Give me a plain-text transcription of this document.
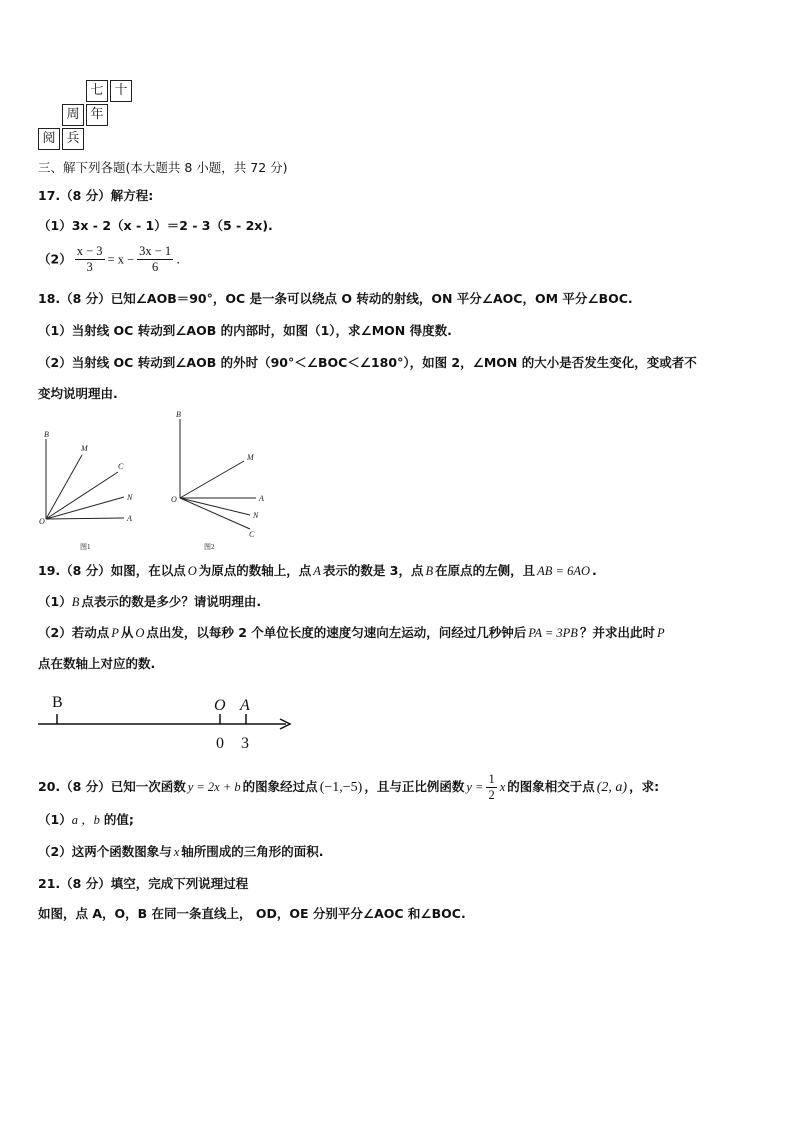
七 十
周 年
阅 兵
三、解下列各题(本大题共 8 小题，共 72 分)
17.（8 分）解方程:
（1）3x - 2（x - 1）＝2 - 3（5 - 2x).
$(2) \frac{x - 3}{3} = x - \frac{3x - 1}{6}$ .
18.（8 分）已知∠AOB＝90°，OC 是一条可以绕点 O 转动的射线，ON 平分∠AOC，OM 平分∠BOC.
（1）当射线 OC 转动到∠AOB 的内部时，如图（1），求∠MON 得度数.
（2）当射线 OC 转动到∠AOB 的外时（90°＜∠BOC＜∠180°），如图 2，∠MON 的大小是否发生变化，变或者不
变均说明理由.
B
M
C
N
O	A
图1
B
M
O	A
N
C
图2
19.（8 分）如图，在以点 O 为原点的数轴上，点 A 表示的数是 3，点 B 在原点的左侧，且 AB = 6AO .
（1）B 点表示的数是多少？请说明理由.
（2）若动点 P 从 O 点出发，以每秒 2 个单位长度的速度匀速向左运动，问经过几秒钟后 PA = 3PB ？并求出此时 P
点在数轴上对应的数.
B	O A
0 3
20.（8 分）已知一次函数 y = 2x + b 的图象经过点 (−1,−5) ，且与正比例函数 $y = \frac{1}{2}$ x 的图象相交于点 (2, a) ，求:
（1）a ，b 的值;
（2）这两个函数图象与 x 轴所围成的三角形的面积.
21.（8 分）填空，完成下列说理过程
如图，点 A，O，B 在同一条直线上， OD，OE 分别平分∠AOC 和∠BOC.
